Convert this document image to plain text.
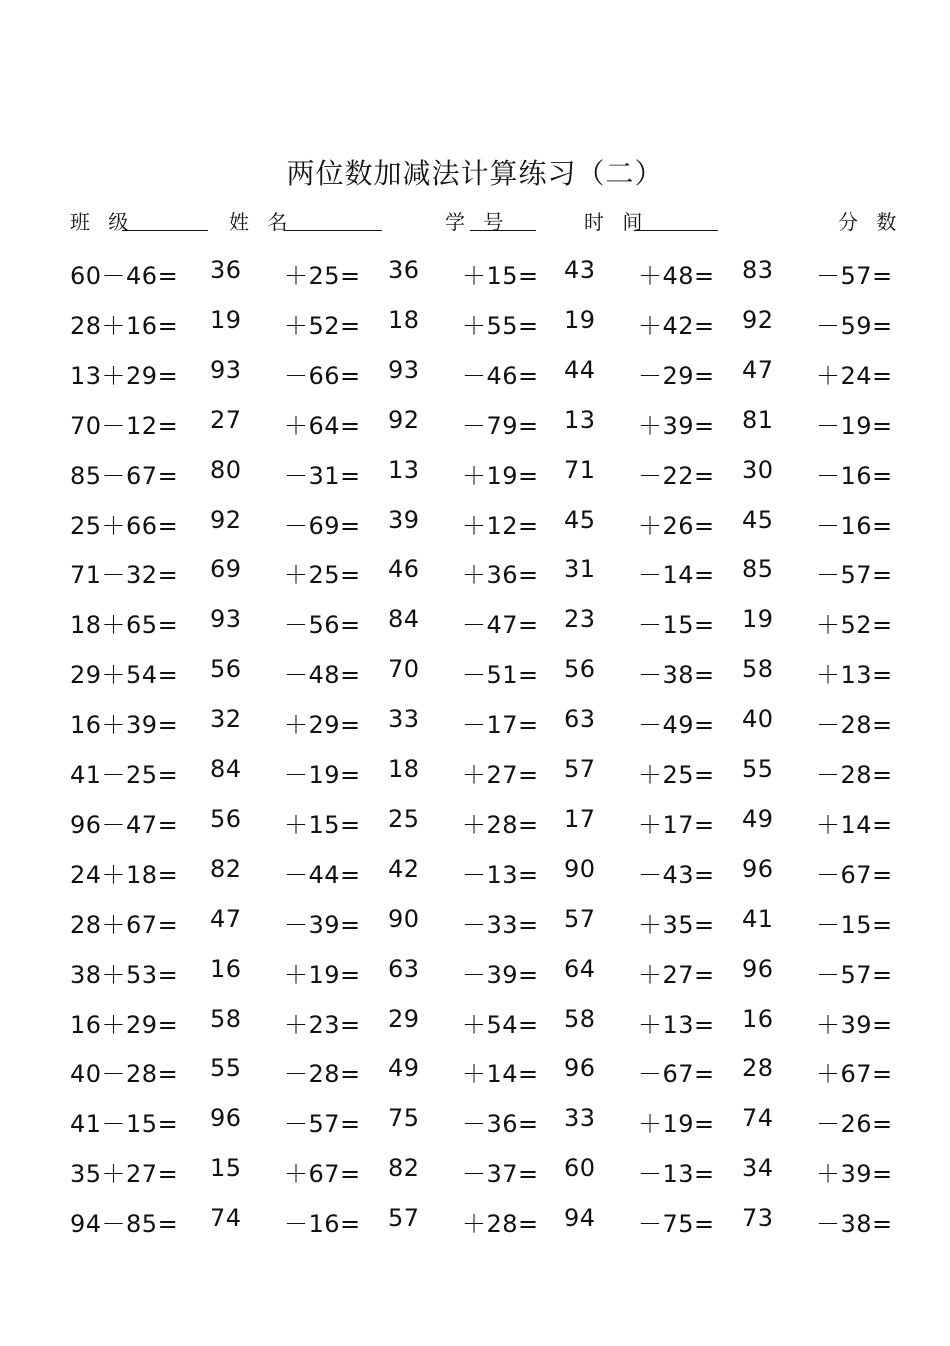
两位数加减法计算练习（二）
班 级	姓 名	学 号	时 间	分 数
60－46= 36 ＋25= 36 ＋15= 43 ＋48= 83 －57=
28＋16= 19 ＋52= 18 ＋55= 19 ＋42= 92 －59=
13＋29= 93 －66= 93 －46= 44 －29= 47 ＋24=
70－12= 27 ＋64= 92 －79= 13 ＋39= 81 －19=
85－67= 80 －31= 13 ＋19= 71 －22= 30 －16=
25＋66= 92 －69= 39 ＋12= 45 ＋26= 45 －16=
71－32= 69 ＋25= 46 ＋36= 31 －14= 85 －57=
18＋65= 93 －56= 84 －47= 23 －15= 19 ＋52=
29＋54= 56 －48= 70 －51= 56 －38= 58 ＋13=
16＋39= 32 ＋29= 33 －17= 63 －49= 40 －28=
41－25= 84 －19= 18 ＋27= 57 ＋25= 55 －28=
96－47= 56 ＋15= 25 ＋28= 17 ＋17= 49 ＋14=
24＋18= 82 －44= 42 －13= 90 －43= 96 －67=
28＋67= 47 －39= 90 －33= 57 ＋35= 41 －15=
38＋53= 16 ＋19= 63 －39= 64 ＋27= 96 －57=
16＋29= 58 ＋23= 29 ＋54= 58 ＋13= 16 ＋39=
40－28= 55 －28= 49 ＋14= 96 －67= 28 ＋67=
41－15= 96 －57= 75 －36= 33 ＋19= 74 －26=
35＋27= 15 ＋67= 82 －37= 60 －13= 34 ＋39=
94－85= 74 －16= 57 ＋28= 94 －75= 73 －38=
